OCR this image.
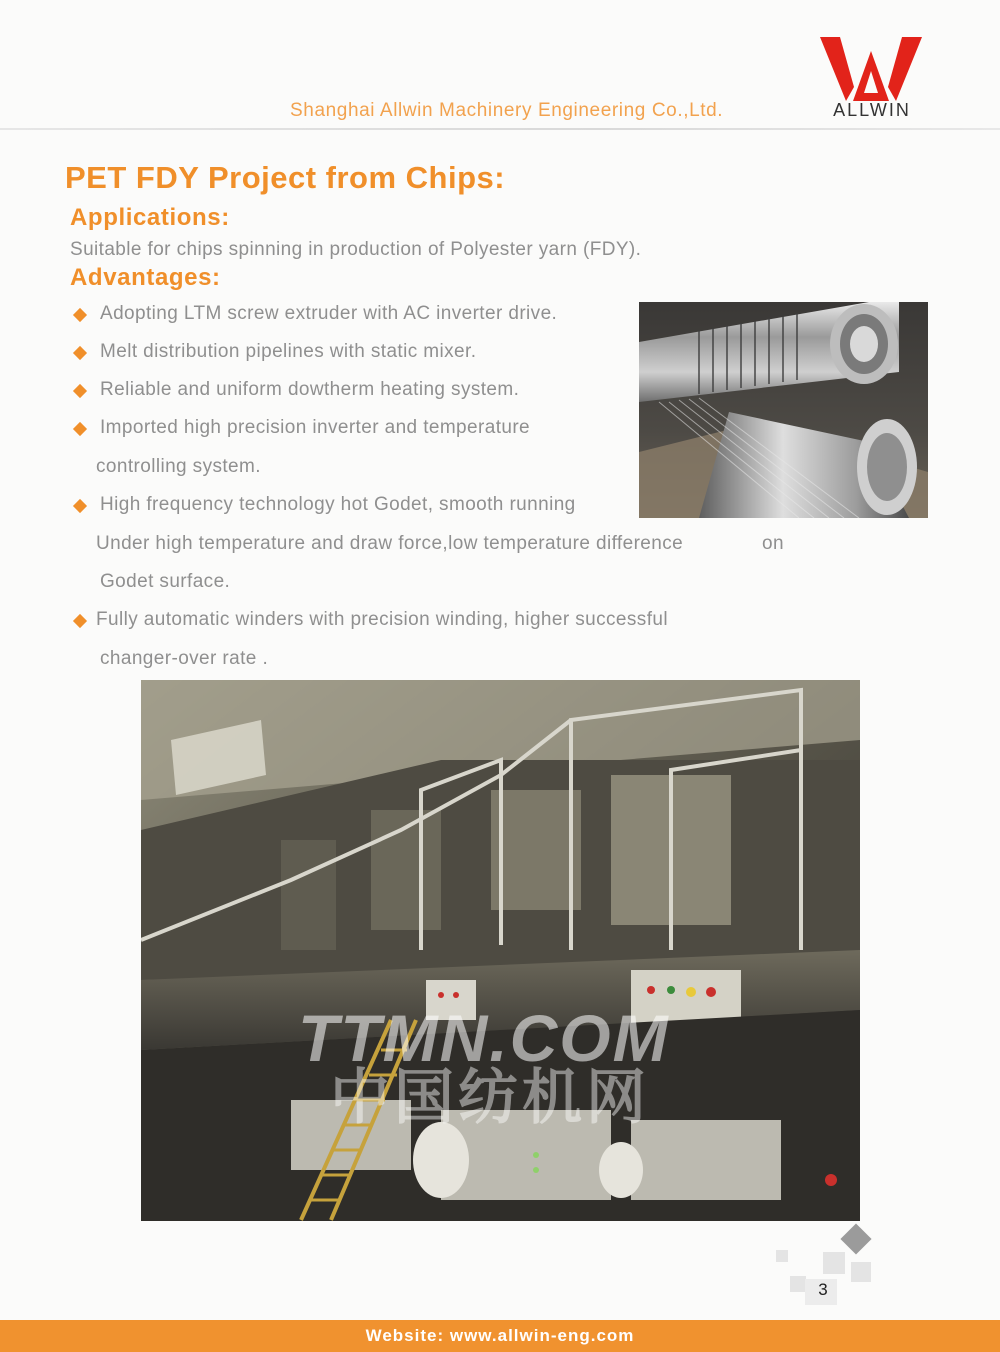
Shanghai Allwin Machinery Engineering Co.,Ltd.	ALLWIN
PET FDY Project from Chips:
Applications:
Suitable for chips spinning in production of Polyester yarn (FDY).
Advantages:
Adopting LTM screw extruder with AC inverter drive.
Melt distribution pipelines with static mixer.
Reliable and uniform dowtherm heating system.
Imported high precision inverter and temperature
controlling system.
High frequency technology hot Godet, smooth running
Under high temperature and draw force,low temperature difference	on
Godet surface.
Fully automatic winders with precision winding, higher successful
changer-over rate .
TTMN.COM
中国纺机网
3
Website: www.allwin-eng.com
